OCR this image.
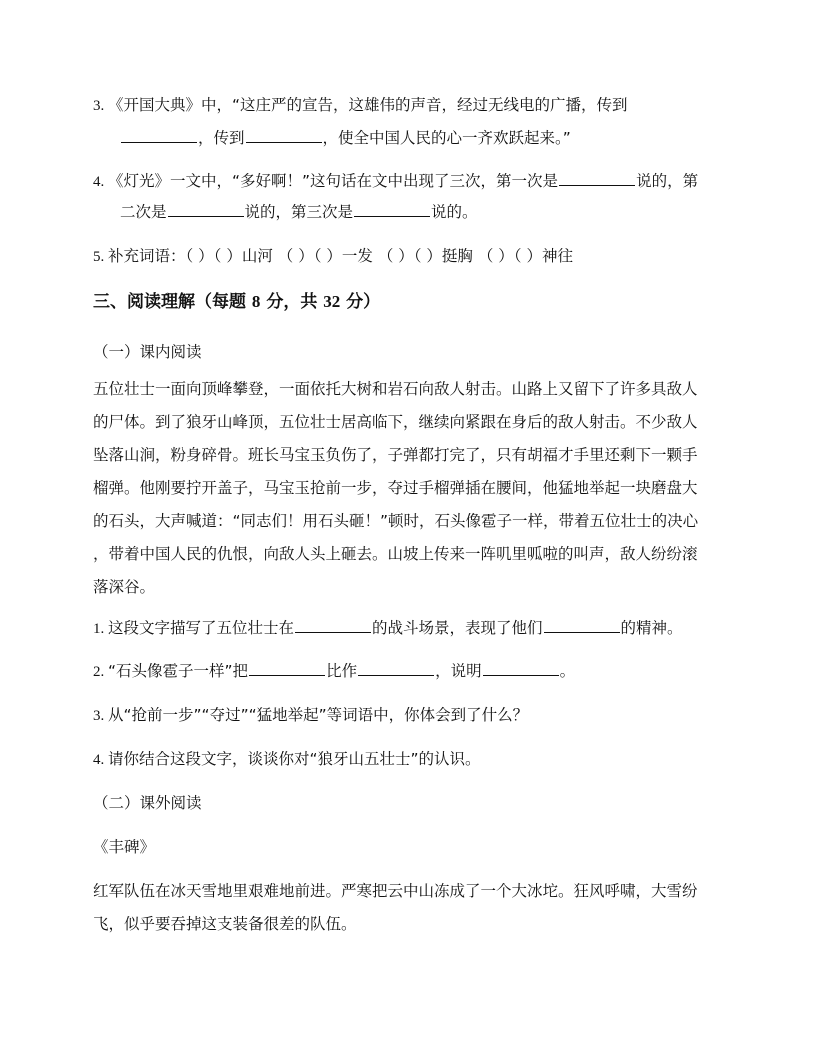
3. 《开国大典》中，“这庄严的宣告，这雄伟的声音，经过无线电的广播，传到
，传到	，使全中国人民的心一齐欢跃起来。”
4. 《灯光》一文中，“多好啊！”这句话在文中出现了三次，第一次是	说的，第
二次是	说的，第三次是	说的。
5. 补充词语：（ ）（ ）山河 （ ）（ ）一发 （ ）（ ）挺胸 （ ）（ ）神往
三、阅读理解（每题 8 分，共 32 分）
（一）课内阅读
五位壮士一面向顶峰攀登，一面依托大树和岩石向敌人射击。山路上又留下了许多具敌人
的尸体。到了狼牙山峰顶，五位壮士居高临下，继续向紧跟在身后的敌人射击。不少敌人
坠落山涧，粉身碎骨。班长马宝玉负伤了，子弹都打完了，只有胡福才手里还剩下一颗手
榴弹。他刚要拧开盖子，马宝玉抢前一步，夺过手榴弹插在腰间，他猛地举起一块磨盘大
的石头，大声喊道：“同志们！用石头砸！”顿时，石头像雹子一样，带着五位壮士的决心
，带着中国人民的仇恨，向敌人头上砸去。山坡上传来一阵叽里呱啦的叫声，敌人纷纷滚
落深谷。
1. 这段文字描写了五位壮士在	的战斗场景，表现了他们	的精神。
2. “石头像雹子一样”把	比作	，说明	。
3. 从“抢前一步”“夺过”“猛地举起”等词语中，你体会到了什么？
4. 请你结合这段文字，谈谈你对“狼牙山五壮士”的认识。
（二）课外阅读
《丰碑》
红军队伍在冰天雪地里艰难地前进。严寒把云中山冻成了一个大冰坨。狂风呼啸，大雪纷
飞，似乎要吞掉这支装备很差的队伍。
